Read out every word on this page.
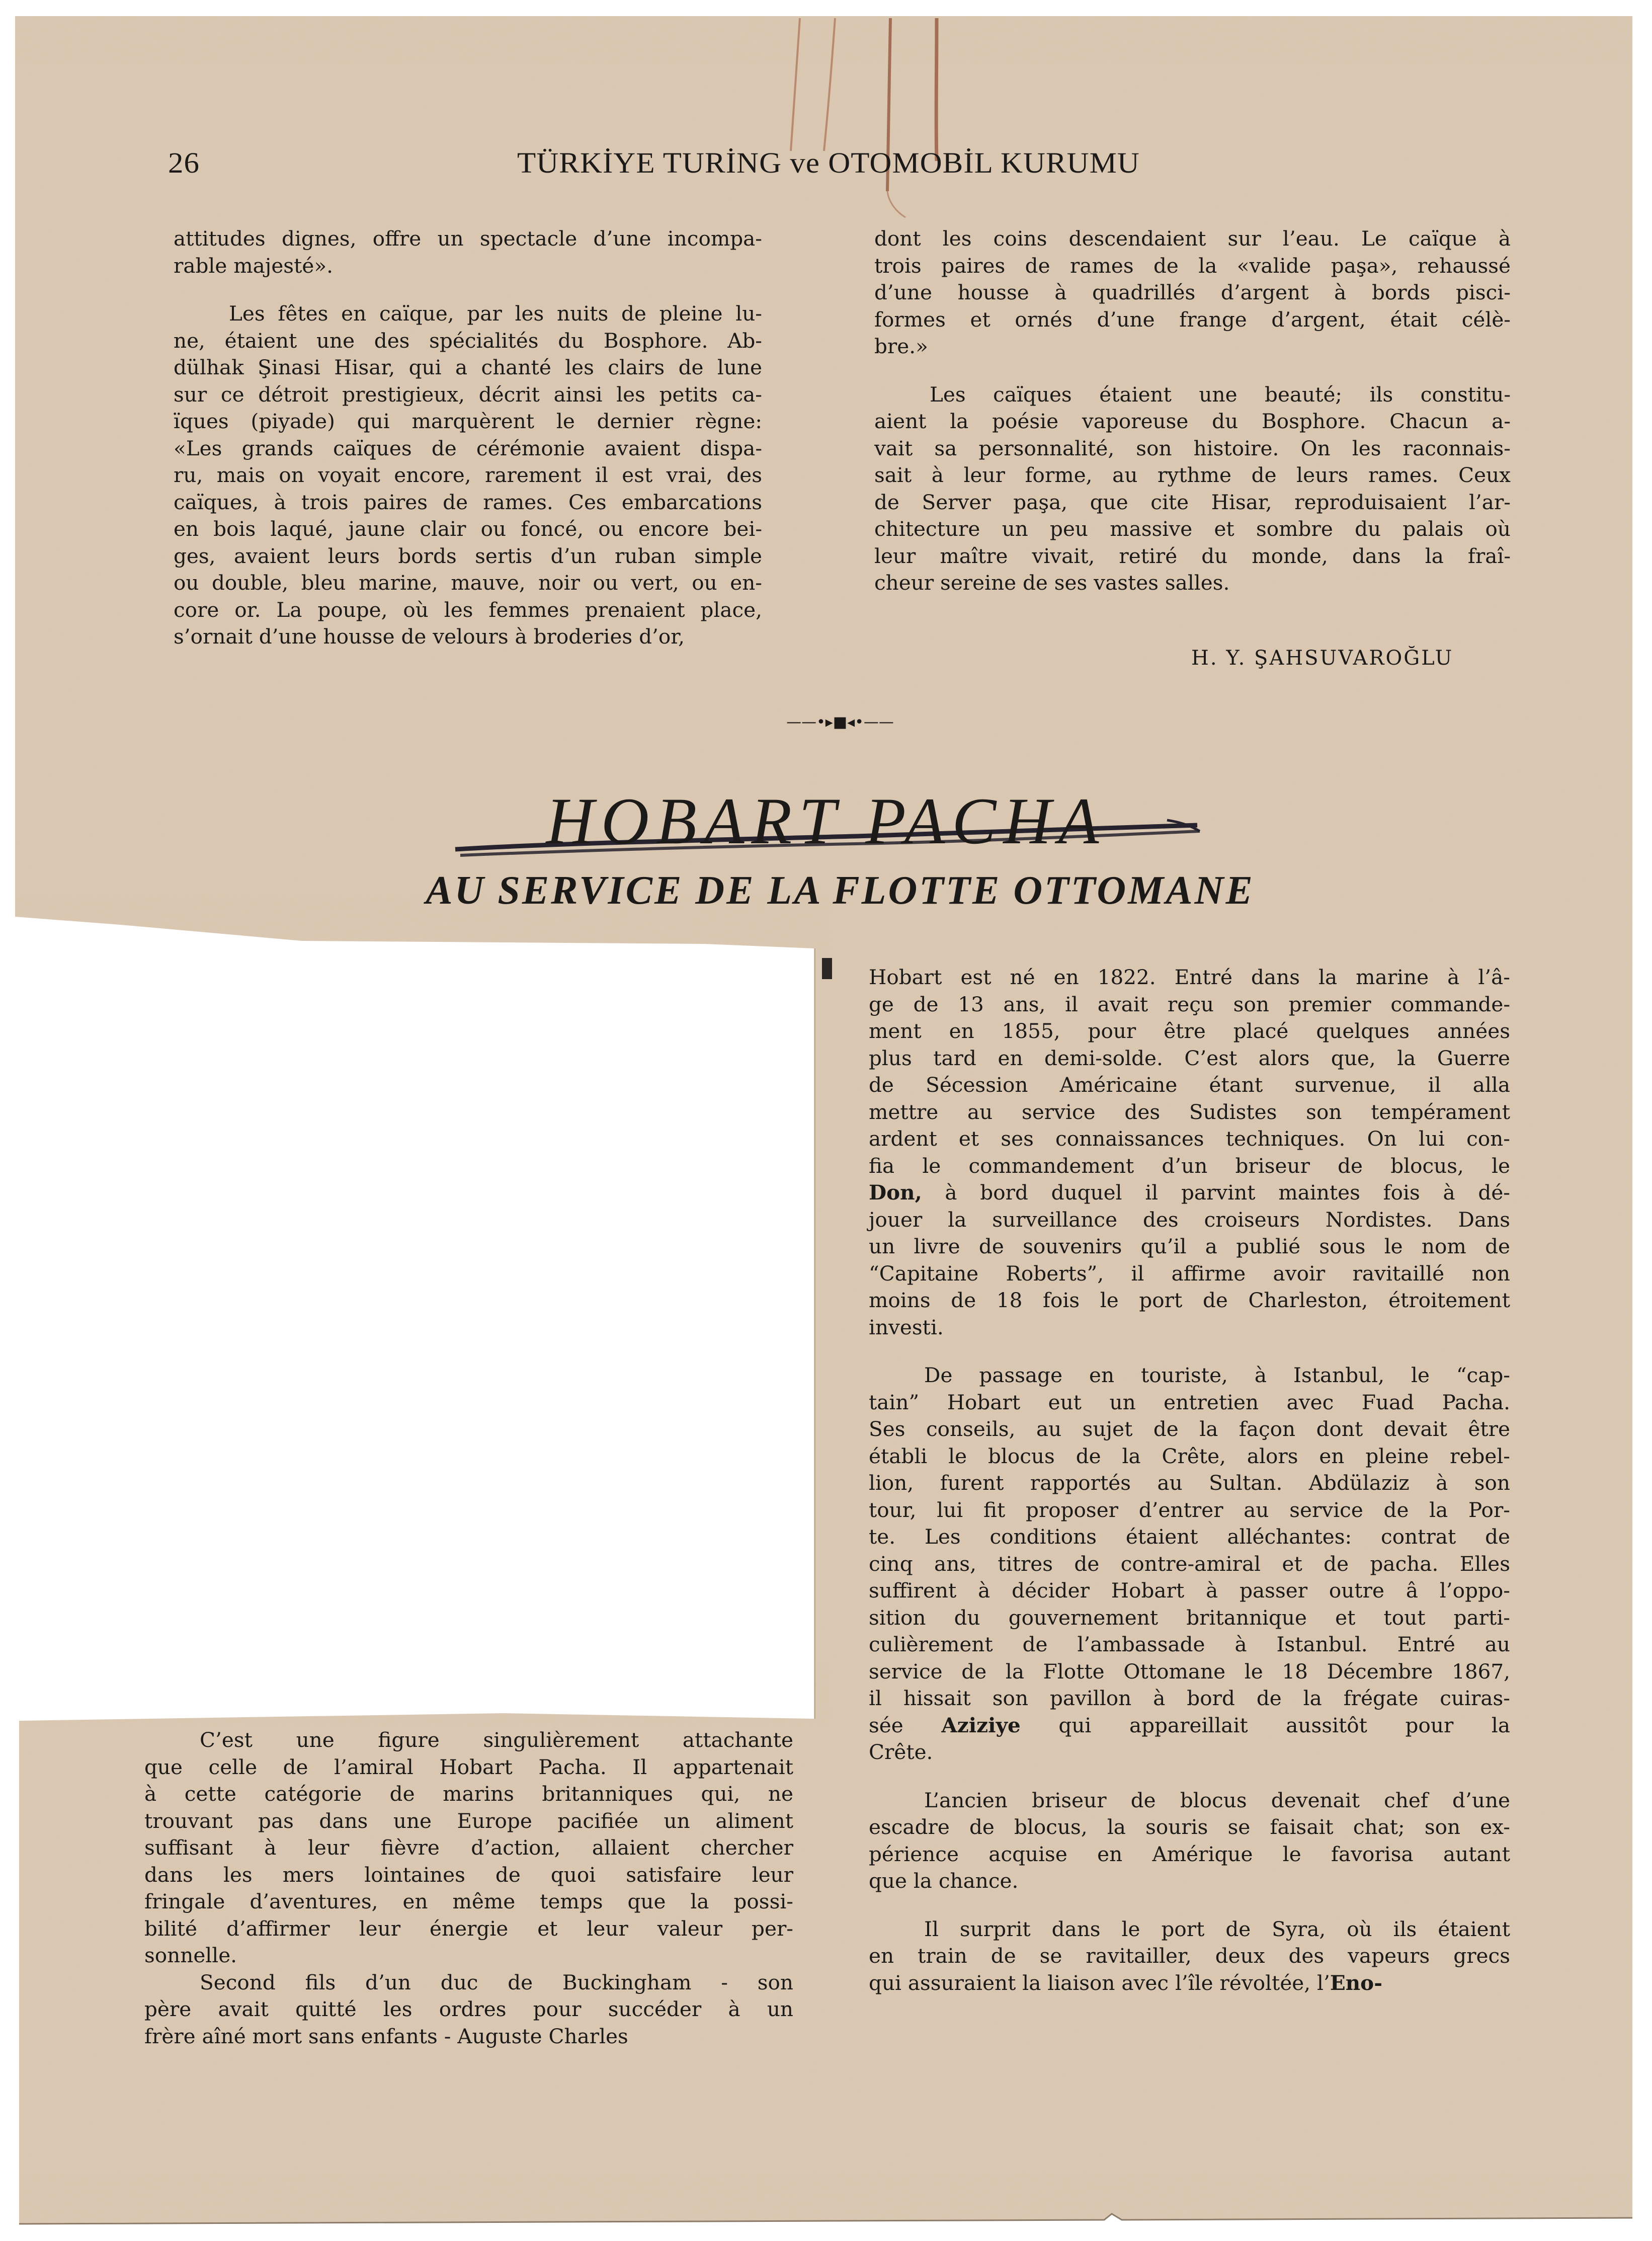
26	TÜRKİYE TURİNG ve OTOMOBİL KURUMU
attitudes dignes, offre un spectacle d’une incompa-
rable majesté».
Les fêtes en caïque, par les nuits de pleine lu-
ne, étaient une des spécialités du Bosphore. Ab-
dülhak Şinasi Hisar, qui a chanté les clairs de lune
sur ce détroit prestigieux, décrit ainsi les petits ca-
ïques (piyade) qui marquèrent le dernier règne:
«Les grands caïques de cérémonie avaient dispa-
ru, mais on voyait encore, rarement il est vrai, des
caïques, à trois paires de rames. Ces embarcations
en bois laqué, jaune clair ou foncé, ou encore bei-
ges, avaient leurs bords sertis d’un ruban simple
ou double, bleu marine, mauve, noir ou vert, ou en-
core or. La poupe, où les femmes prenaient place,
s’ornait d’une housse de velours à broderies d’or,
dont les coins descendaient sur l’eau. Le caïque à
trois paires de rames de la «valide paşa», rehaussé
d’une housse à quadrillés d’argent à bords pisci-
formes et ornés d’une frange d’argent, était célè-
bre.»
Les caïques étaient une beauté; ils constitu-
aient la poésie vaporeuse du Bosphore. Chacun a-
vait sa personnalité, son histoire. On les raconnais-
sait à leur forme, au rythme de leurs rames. Ceux
de Server paşa, que cite Hisar, reproduisaient l’ar-
chitecture un peu massive et sombre du palais où
leur maître vivait, retiré du monde, dans la fraî-
cheur sereine de ses vastes salles.
H. Y. ŞAHSUVAROĞLU
——•▸■◂•——
HOBART PACHA
AU SERVICE DE LA FLOTTE OTTOMANE
C’est une figure singulièrement attachante
que celle de l’amiral Hobart Pacha. Il appartenait
à cette catégorie de marins britanniques qui, ne
trouvant pas dans une Europe pacifiée un aliment
suffisant à leur fièvre d’action, allaient chercher
dans les mers lointaines de quoi satisfaire leur
fringale d’aventures, en même temps que la possi-
bilité d’affirmer leur énergie et leur valeur per-
sonnelle.
Second fils d’un duc de Buckingham - son
père avait quitté les ordres pour succéder à un
frère aîné mort sans enfants - Auguste Charles
Hobart est né en 1822. Entré dans la marine à l’â-
ge de 13 ans, il avait reçu son premier commande-
ment en 1855, pour être placé quelques années
plus tard en demi-solde. C’est alors que, la Guerre
de Sécession Américaine étant survenue, il alla
mettre au service des Sudistes son tempérament
ardent et ses connaissances techniques. On lui con-
fia le commandement d’un briseur de blocus, le
Don, à bord duquel il parvint maintes fois à dé-
jouer la surveillance des croiseurs Nordistes. Dans
un livre de souvenirs qu’il a publié sous le nom de
“Capitaine Roberts”, il affirme avoir ravitaillé non
moins de 18 fois le port de Charleston, étroitement
investi.
De passage en touriste, à Istanbul, le “cap-
tain” Hobart eut un entretien avec Fuad Pacha.
Ses conseils, au sujet de la façon dont devait être
établi le blocus de la Crête, alors en pleine rebel-
lion, furent rapportés au Sultan. Abdülaziz à son
tour, lui fit proposer d’entrer au service de la Por-
te. Les conditions étaient alléchantes: contrat de
cinq ans, titres de contre-amiral et de pacha. Elles
suffirent à décider Hobart à passer outre â l’oppo-
sition du gouvernement britannique et tout parti-
culièrement de l’ambassade à Istanbul. Entré au
service de la Flotte Ottomane le 18 Décembre 1867,
il hissait son pavillon à bord de la frégate cuiras-
sée Aziziye qui appareillait aussitôt pour la
Crête.
L’ancien briseur de blocus devenait chef d’une
escadre de blocus, la souris se faisait chat; son ex-
périence acquise en Amérique le favorisa autant
que la chance.
Il surprit dans le port de Syra, où ils étaient
en train de se ravitailler, deux des vapeurs grecs
qui assuraient la liaison avec l’île révoltée, l’Eno-
